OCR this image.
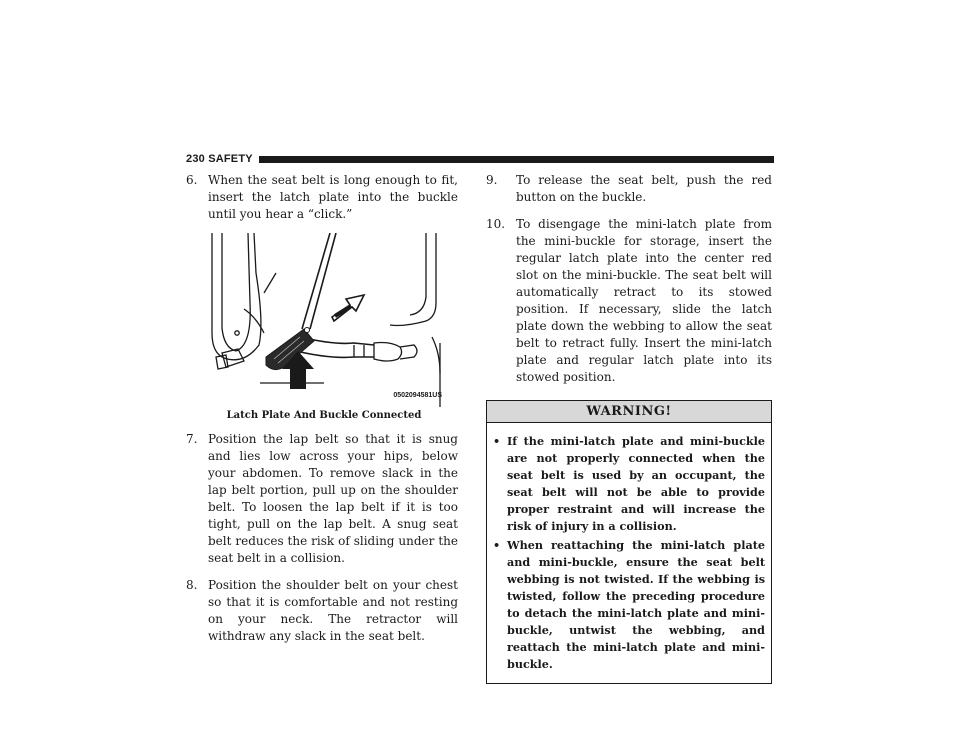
230 SAFETY

6. When the seat belt is long enough to fit, insert the latch plate into the buckle until you hear a “click.”

0502094581US
Latch Plate And Buckle Connected

7. Position the lap belt so that it is snug and lies low across your hips, below your abdomen. To remove slack in the lap belt portion, pull up on the shoulder belt. To loosen the lap belt if it is too tight, pull on the lap belt. A snug seat belt reduces the risk of sliding under the seat belt in a collision.

8. Position the shoulder belt on your chest so that it is comfortable and not resting on your neck. The retractor will withdraw any slack in the seat belt.

9. To release the seat belt, push the red button on the buckle.

10. To disengage the mini-latch plate from the mini-buckle for storage, insert the regular latch plate into the center red slot on the mini-buckle. The seat belt will automatically retract to its stowed position. If necessary, slide the latch plate down the webbing to allow the seat belt to retract fully. Insert the mini-latch plate and regular latch plate into its stowed position.

WARNING!
• If the mini-latch plate and mini-buckle are not properly connected when the seat belt is used by an occupant, the seat belt will not be able to provide proper restraint and will increase the risk of injury in a collision.
• When reattaching the mini-latch plate and mini-buckle, ensure the seat belt webbing is not twisted. If the webbing is twisted, follow the preceding procedure to detach the mini-latch plate and mini-buckle, untwist the webbing, and reattach the mini-latch plate and mini-buckle.
